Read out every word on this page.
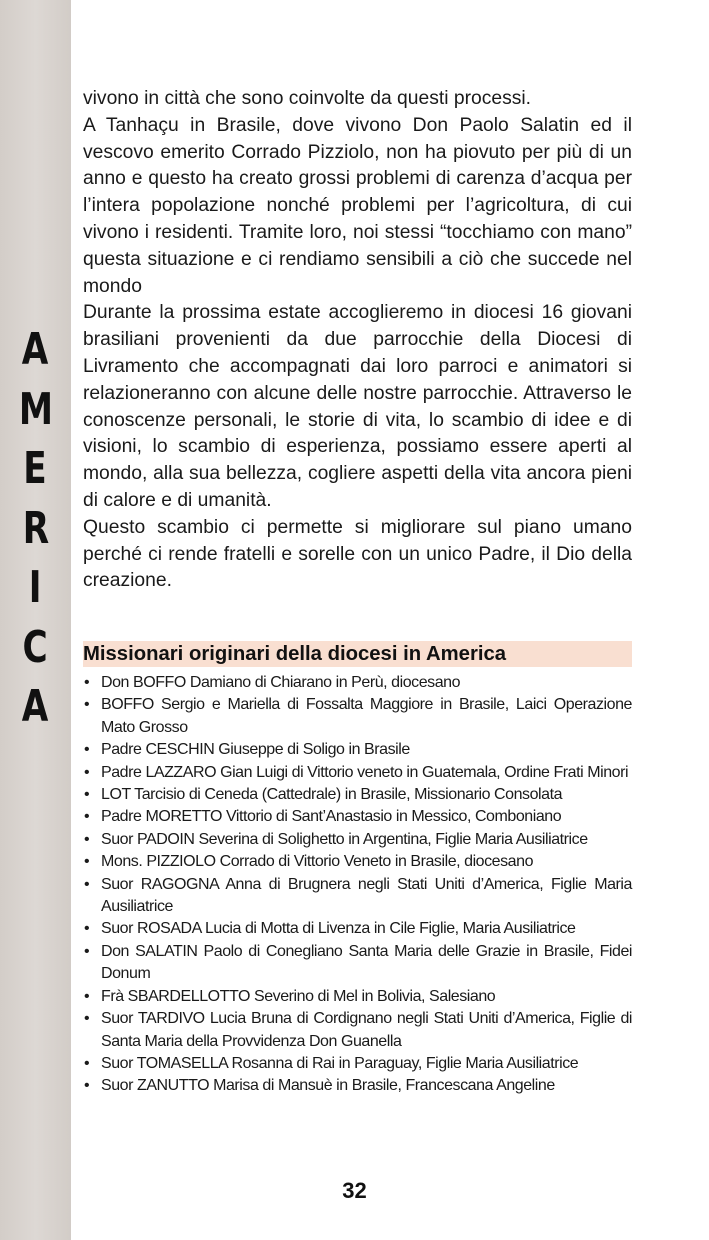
A
M
E
R
I
C
A

vivono in città che sono coinvolte da questi processi.

A Tanhaçu in Brasile, dove vivono Don Paolo Salatin ed il vescovo emerito Corrado Pizziolo, non ha piovuto per più di un anno e questo ha creato grossi problemi di carenza d’acqua per l’intera popolazione nonché problemi per l’agricoltura, di cui vivono i residenti. Tramite loro, noi stessi “tocchiamo con mano” questa situazione e ci rendiamo sensibili a ciò che succede nel mondo

Durante la prossima estate accoglieremo in diocesi 16 giovani brasiliani provenienti da due parrocchie della Diocesi di Livramento che accompagnati dai loro parroci e animatori si relazioneranno con alcune delle nostre parrocchie. Attraverso le conoscenze personali, le storie di vita, lo scambio di idee e di visioni, lo scambio di esperienza, possiamo essere aperti al mondo, alla sua bellezza, cogliere aspetti della vita ancora pieni di calore e di umanità.

Questo scambio ci permette si migliorare sul piano umano perché ci rende fratelli e sorelle con un unico Padre, il Dio della creazione.

Missionari originari della diocesi in America
• Don BOFFO Damiano di Chiarano in Perù, diocesano
• BOFFO Sergio e Mariella di Fossalta Maggiore in Brasile, Laici Operazione Mato Grosso
• Padre CESCHIN Giuseppe di Soligo in Brasile
• Padre LAZZARO Gian Luigi di Vittorio veneto in Guatemala, Ordine Frati Minori
• LOT Tarcisio di Ceneda (Cattedrale) in Brasile, Missionario Consolata
• Padre MORETTO Vittorio di Sant’Anastasio in Messico, Comboniano
• Suor PADOIN Severina di Solighetto in Argentina, Figlie Maria Ausiliatrice
• Mons. PIZZIOLO Corrado di Vittorio Veneto in Brasile, diocesano
• Suor RAGOGNA Anna di Brugnera negli Stati Uniti d’America, Figlie Maria Ausiliatrice
• Suor ROSADA Lucia di Motta di Livenza in Cile Figlie, Maria Ausiliatrice
• Don SALATIN Paolo di Conegliano Santa Maria delle Grazie in Brasile, Fidei Donum
• Frà SBARDELLOTTO Severino di Mel in Bolivia, Salesiano
• Suor TARDIVO Lucia Bruna di Cordignano negli Stati Uniti d’America, Figlie di Santa Maria della Provvidenza Don Guanella
• Suor TOMASELLA Rosanna di Rai in Paraguay, Figlie Maria Ausiliatrice
• Suor ZANUTTO Marisa di Mansuè in Brasile, Francescana Angeline
32
